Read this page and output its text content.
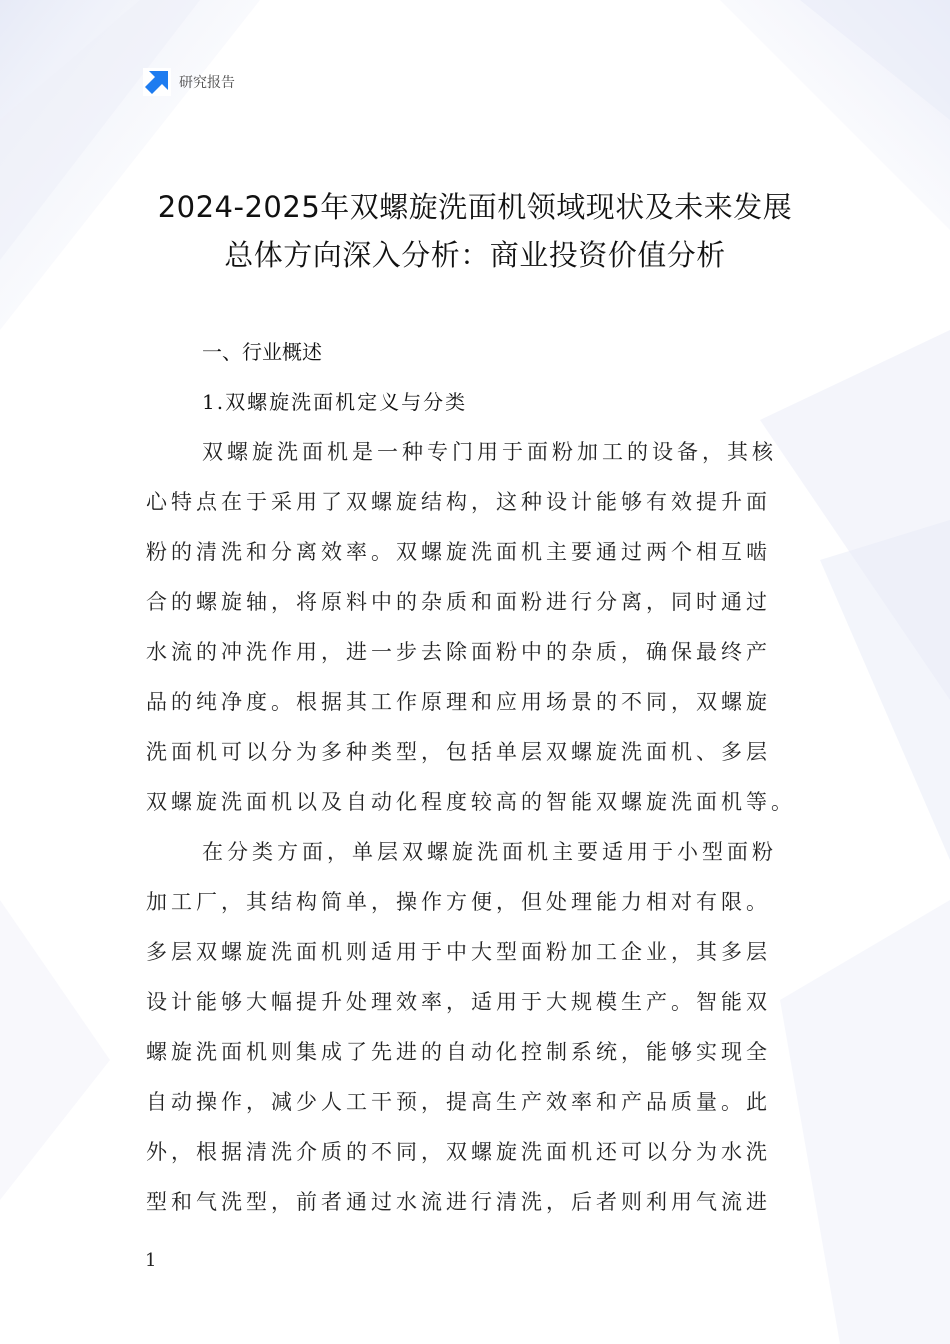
研究报告
2024-2025年双螺旋洗面机领域现状及未来发展
总体方向深入分析：商业投资价值分析
一、行业概述
1.双螺旋洗面机定义与分类

双螺旋洗面机是一种专门用于面粉加工的设备，其核
心特点在于采用了双螺旋结构，这种设计能够有效提升面
粉的清洗和分离效率。双螺旋洗面机主要通过两个相互啮
合的螺旋轴，将原料中的杂质和面粉进行分离，同时通过
水流的冲洗作用，进一步去除面粉中的杂质，确保最终产
品的纯净度。根据其工作原理和应用场景的不同，双螺旋
洗面机可以分为多种类型，包括单层双螺旋洗面机、多层
双螺旋洗面机以及自动化程度较高的智能双螺旋洗面机等。

在分类方面，单层双螺旋洗面机主要适用于小型面粉
加工厂，其结构简单，操作方便，但处理能力相对有限。
多层双螺旋洗面机则适用于中大型面粉加工企业，其多层
设计能够大幅提升处理效率，适用于大规模生产。智能双
螺旋洗面机则集成了先进的自动化控制系统，能够实现全
自动操作，减少人工干预，提高生产效率和产品质量。此
外，根据清洗介质的不同，双螺旋洗面机还可以分为水洗
型和气洗型，前者通过水流进行清洗，后者则利用气流进

1
